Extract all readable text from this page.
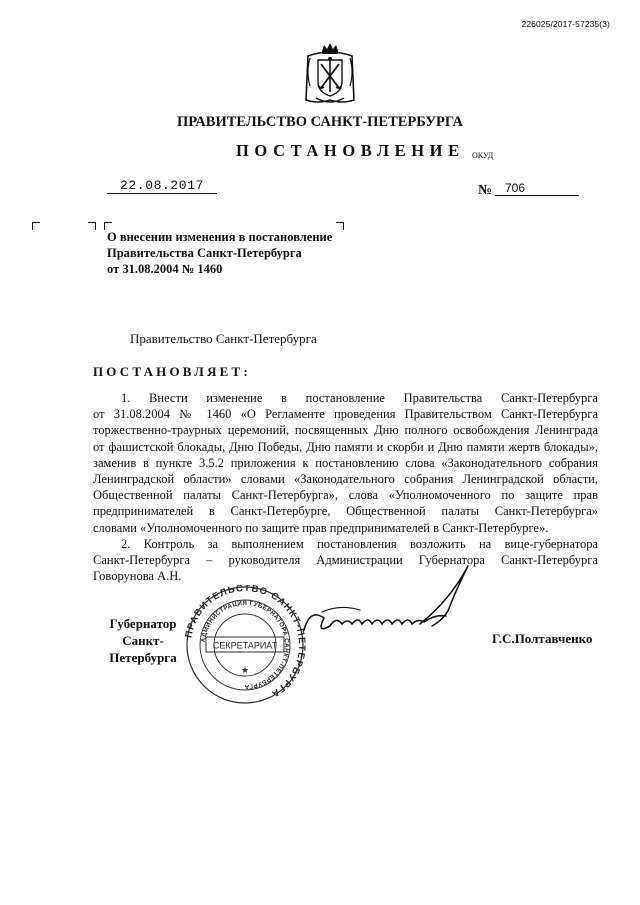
226025/2017-57235(3)
ПРАВИТЕЛЬСТВО САНКТ-ПЕТЕРБУРГА
ПОСТАНОВЛЕНИЕ ОКУД
22.08.2017	№	706
О внесении изменения в постановление
Правительства Санкт-Петербурга
от 31.08.2004 № 1460
Правительство Санкт-Петербурга
ПОСТАНОВЛЯЕТ:
1. Внести изменение в постановление Правительства Санкт-Петербурга
от 31.08.2004 № 1460 «О Регламенте проведения Правительством Санкт-Петербурга
торжественно-траурных церемоний, посвященных Дню полного освобождения Ленинграда
от фашистской блокады, Дню Победы, Дню памяти и скорби и Дню памяти жертв блокады»,
заменив в пункте 3.5.2 приложения к постановлению слова «Законодательного собрания
Ленинградской области» словами «Законодательного собрания Ленинградской области,
Общественной палаты Санкт-Петербурга», слова «Уполномоченного по защите прав
предпринимателей в Санкт-Петербурге, Общественной палаты Санкт-Петербурга»
словами «Уполномоченного по защите прав предпринимателей в Санкт-Петербурге».
2. Контроль за выполнением постановления возложить на вице-губернатора
Санкт-Петербурга – руководителя Администрации Губернатора Санкт-Петербурга
Говорунова А.Н.
Губернатор
Санкт-Петербурга
ПРАВИТЕЛЬСТВО САНКТ-ПЕТЕРБУРГА
АДМИНИСТРАЦИЯ ГУБЕРНАТОРА САНКТ-ПЕТЕРБУРГА
СЕКРЕТАРИАТ
★
Г.С.Полтавченко
